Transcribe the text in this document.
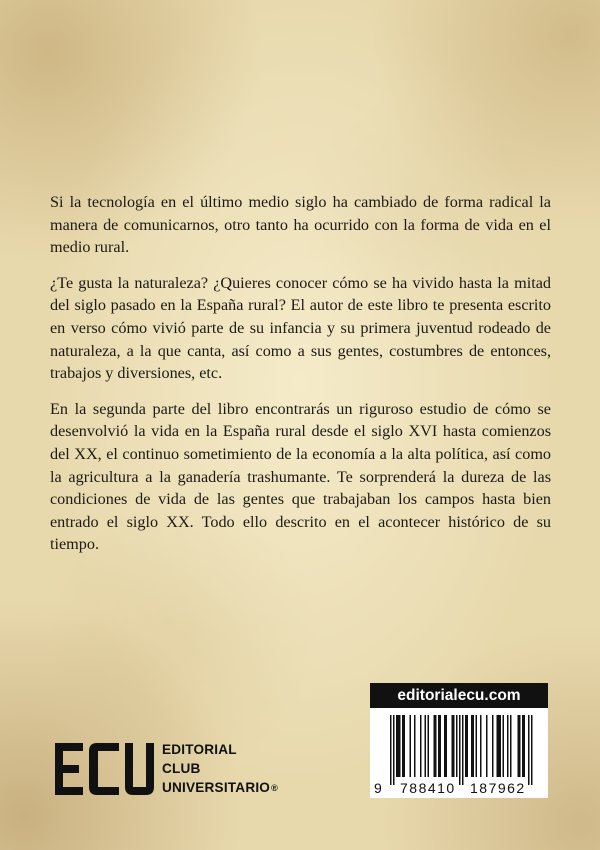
Si la tecnología en el último medio siglo ha cambiado de forma radical la manera de comunicarnos, otro tanto ha ocurrido con la forma de vida en el medio rural.

¿Te gusta la naturaleza? ¿Quieres conocer cómo se ha vivido hasta la mitad del siglo pasado en la España rural? El autor de este libro te presenta escrito en verso cómo vivió parte de su infancia y su primera juventud rodeado de naturaleza, a la que canta, así como a sus gentes, costumbres de entonces, trabajos y diversiones, etc.

En la segunda parte del libro encontrarás un riguroso estudio de cómo se desenvolvió la vida en la España rural desde el siglo XVI hasta comienzos del XX, el continuo sometimiento de la economía a la alta política, así como la agricultura a la ganadería trashumante. Te sorprenderá la dureza de las condiciones de vida de las gentes que trabajaban los campos hasta bien entrado el siglo XX. Todo ello descrito en el acontecer histórico de su tiempo.

EDITORIAL
CLUB
UNIVERSITARIO®
editorialecu.com
9 788410 187962
